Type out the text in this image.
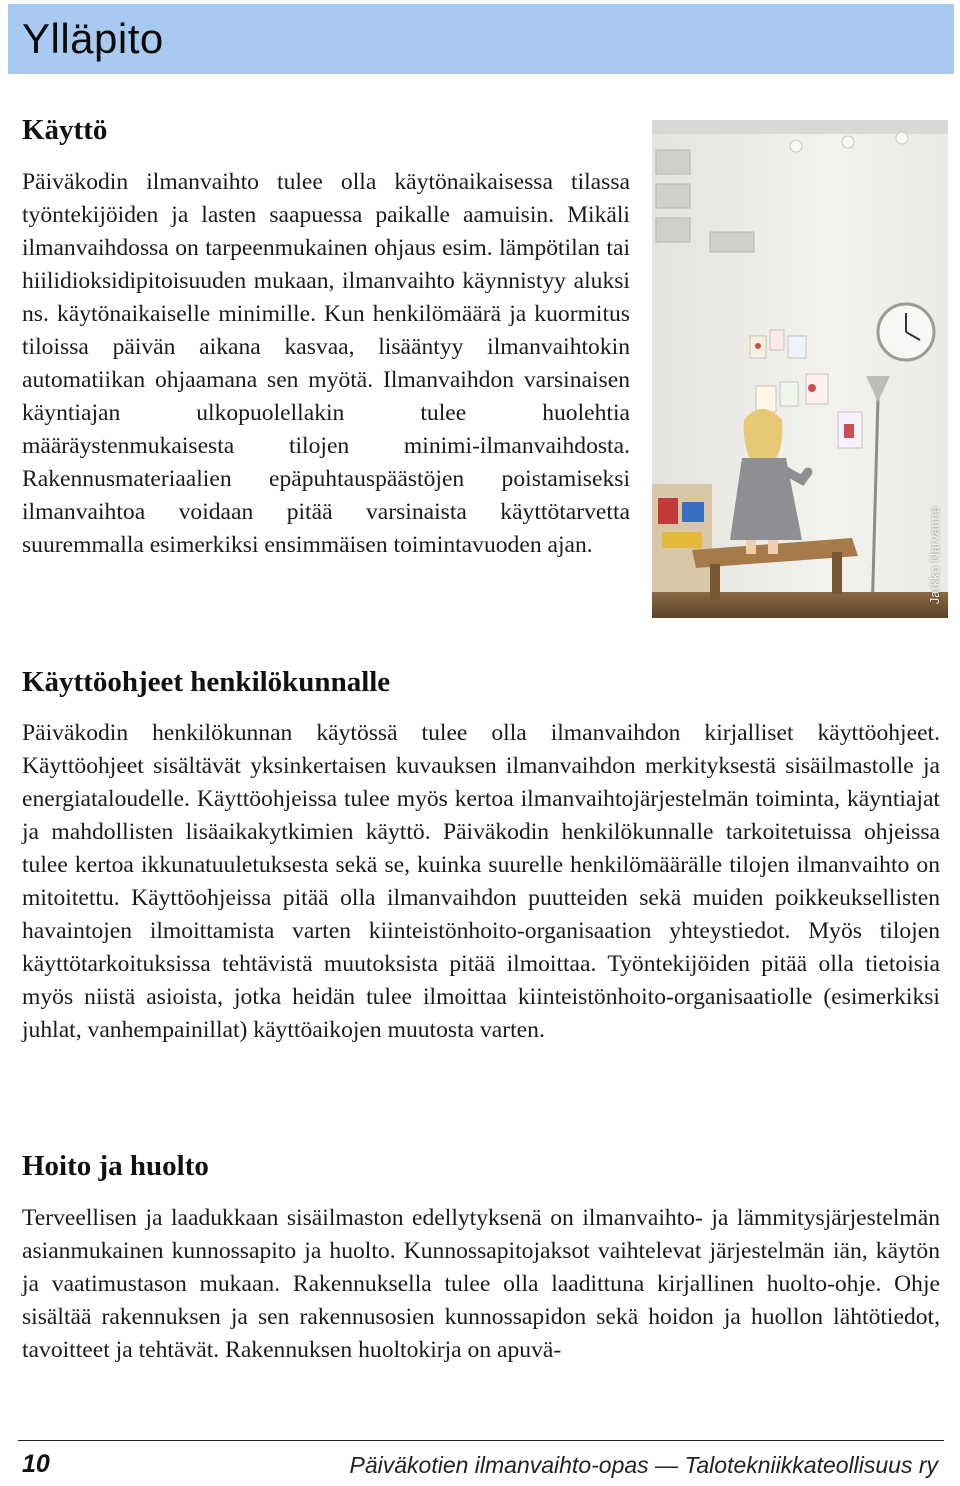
Ylläpito
Käyttö

Päiväkodin ilmanvaihto tulee olla käytönaikaisessa tilassa työntekijöiden ja lasten saapuessa paikalle aamuisin. Mikäli ilmanvaihdossa on tarpeenmukainen ohjaus esim. lämpötilan tai hiilidioksidipitoisuuden mukaan, ilmanvaihto käynnistyy aluksi ns. käytönaikaiselle minimille. Kun henkilömäärä ja kuormitus tiloissa päivän aikana kasvaa, lisääntyy ilmanvaihtokin automatiikan ohjaamana sen myötä. Ilmanvaihdon varsinaisen käyntiajan ulkopuolellakin tulee huolehtia määräystenmukaisesta tilojen minimi-ilmanvaihdosta. Rakennusmateriaalien epäpuhtauspäästöjen poistamiseksi ilmanvaihtoa voidaan pitää varsinaista käyttötarvetta suuremmalla esimerkiksi ensimmäisen toimintavuoden ajan.	Jarkko Narvanne
Käyttöohjeet henkilökunnalle

Päiväkodin henkilökunnan käytössä tulee olla ilmanvaihdon kirjalliset käyttöohjeet. Käyttöohjeet sisältävät yksinkertaisen kuvauksen ilmanvaihdon merkityksestä sisäilmastolle ja energiataloudelle. Käyttöohjeissa tulee myös kertoa ilmanvaihtojärjestelmän toiminta, käyntiajat ja mahdollisten lisäaikakytkimien käyttö. Päiväkodin henkilökunnalle tarkoitetuissa ohjeissa tulee kertoa ikkunatuuletuksesta sekä se, kuinka suurelle henkilömäärälle tilojen ilmanvaihto on mitoitettu. Käyttöohjeissa pitää olla ilmanvaihdon puutteiden sekä muiden poikkeuksellisten havaintojen ilmoittamista varten kiinteistönhoito-organisaation yhteystiedot. Myös tilojen käyttötarkoituksissa tehtävistä muutoksista pitää ilmoittaa. Työntekijöiden pitää olla tietoisia myös niistä asioista, jotka heidän tulee ilmoittaa kiinteistönhoito-organisaatiolle (esimerkiksi juhlat, vanhempainillat) käyttöaikojen muutosta varten.

Hoito ja huolto

Terveellisen ja laadukkaan sisäilmaston edellytyksenä on ilmanvaihto- ja lämmitysjärjestelmän asianmukainen kunnossapito ja huolto. Kunnossapitojaksot vaihtelevat järjestelmän iän, käytön ja vaatimustason mukaan. Rakennuksella tulee olla laadittuna kirjallinen huolto-ohje. Ohje sisältää rakennuksen ja sen rakennusosien kunnossapidon sekä hoidon ja huollon lähtötiedot, tavoitteet ja tehtävät. Rakennuksen huoltokirja on apuvä-

10	Päiväkotien ilmanvaihto-opas — Talotekniikkateollisuus ry
